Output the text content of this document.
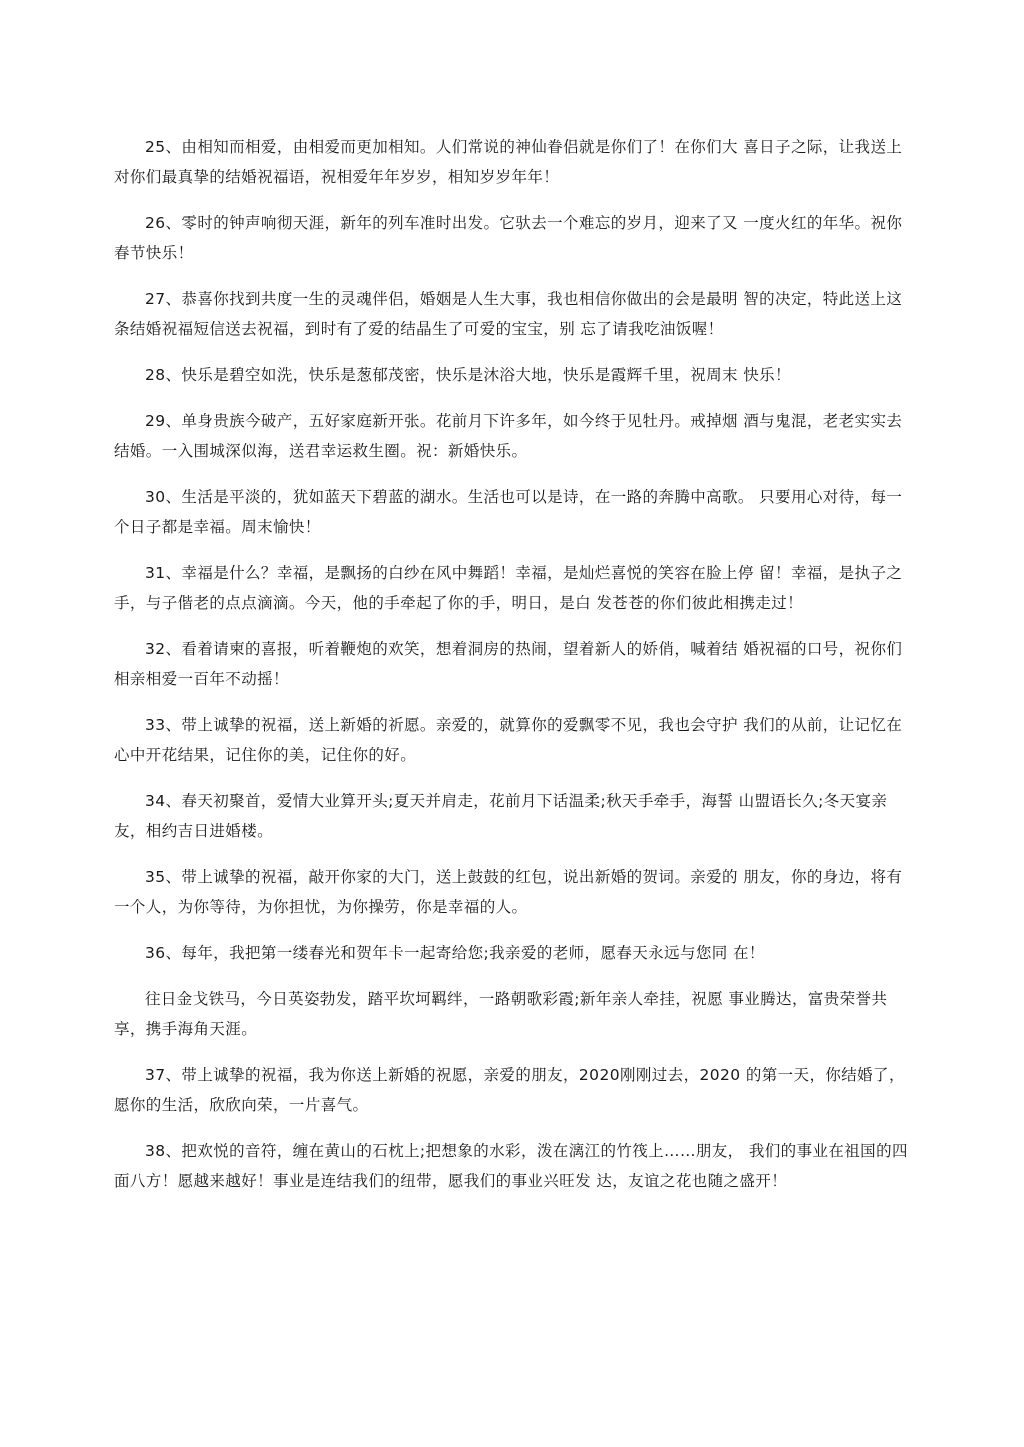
25、由相知而相爱，由相爱而更加相知。人们常说的神仙眷侣就是你们了！在你们大 喜日子之际，让我送上对你们最真挚的结婚祝福语，祝相爱年年岁岁，相知岁岁年年！

26、零时的钟声响彻天涯，新年的列车准时出发。它驮去一个难忘的岁月，迎来了又 一度火红的年华。祝你春节快乐！

27、恭喜你找到共度一生的灵魂伴侣，婚姻是人生大事，我也相信你做出的会是最明 智的决定，特此送上这条结婚祝福短信送去祝福，到时有了爱的结晶生了可爱的宝宝，别 忘了请我吃油饭喔！

28、快乐是碧空如洗，快乐是葱郁茂密，快乐是沐浴大地，快乐是霞辉千里，祝周末 快乐！

29、单身贵族今破产，五好家庭新开张。花前月下许多年，如今终于见牡丹。戒掉烟 酒与鬼混，老老实实去结婚。一入围城深似海，送君幸运救生圈。祝：新婚快乐。

30、生活是平淡的，犹如蓝天下碧蓝的湖水。生活也可以是诗，在一路的奔腾中高歌。 只要用心对待，每一个日子都是幸福。周末愉快！

31、幸福是什么？幸福，是飘扬的白纱在风中舞蹈！幸福，是灿烂喜悦的笑容在脸上停 留！幸福，是执子之手，与子偕老的点点滴滴。今天，他的手牵起了你的手，明日，是白 发苍苍的你们彼此相携走过！

32、看着请柬的喜报，听着鞭炮的欢笑，想着洞房的热闹，望着新人的娇俏，喊着结 婚祝福的口号，祝你们相亲相爱一百年不动摇！

33、带上诚挚的祝福，送上新婚的祈愿。亲爱的，就算你的爱飘零不见，我也会守护 我们的从前，让记忆在心中开花结果，记住你的美，记住你的好。

34、春天初聚首，爱情大业算开头;夏天并肩走，花前月下话温柔;秋天手牵手，海誓 山盟语长久;冬天宴亲友，相约吉日进婚楼。

35、带上诚挚的祝福，敲开你家的大门，送上鼓鼓的红包，说出新婚的贺词。亲爱的 朋友，你的身边，将有一个人，为你等待，为你担忧，为你操劳，你是幸福的人。

36、每年，我把第一缕春光和贺年卡一起寄给您;我亲爱的老师，愿春天永远与您同 在！

往日金戈铁马，今日英姿勃发，踏平坎坷羁绊，一路朝歌彩霞;新年亲人牵挂，祝愿 事业腾达，富贵荣誉共享，携手海角天涯。

37、带上诚挚的祝福，我为你送上新婚的祝愿，亲爱的朋友，2020刚刚过去，2020 的第一天，你结婚了，愿你的生活，欣欣向荣，一片喜气。

38、把欢悦的音符，缠在黄山的石枕上;把想象的水彩，泼在漓江的竹筏上……朋友， 我们的事业在祖国的四面八方！愿越来越好！事业是连结我们的纽带，愿我们的事业兴旺发 达，友谊之花也随之盛开！
